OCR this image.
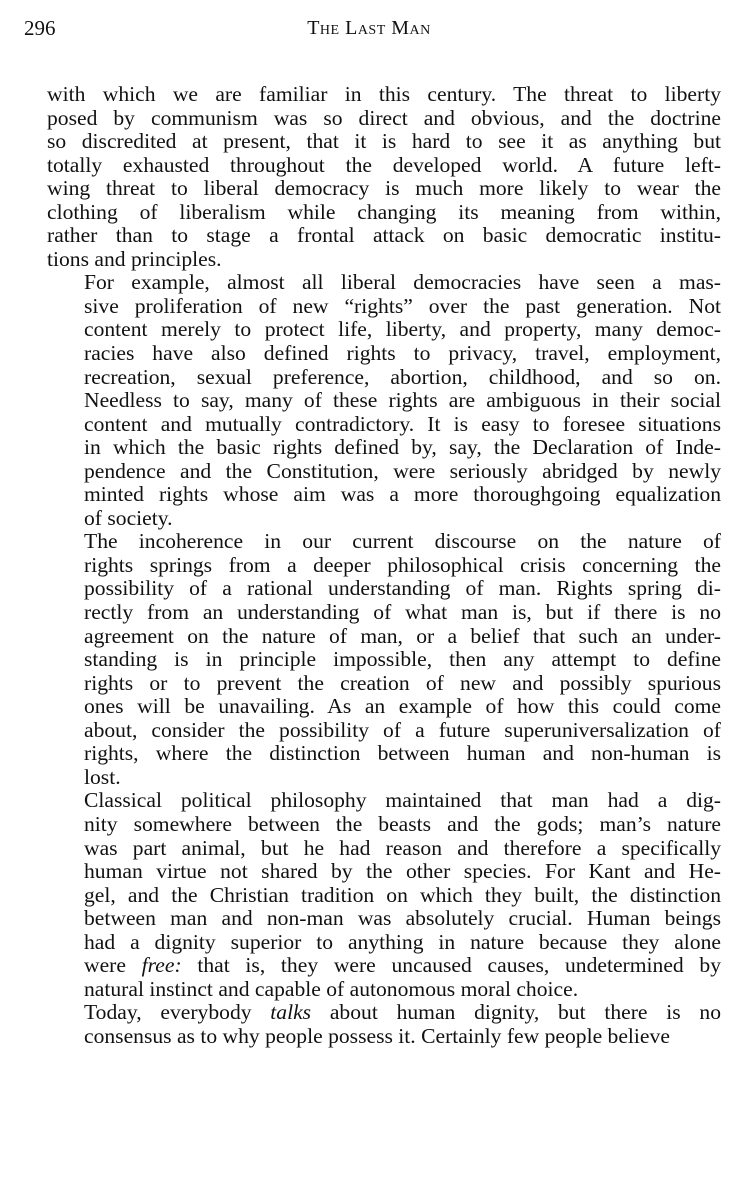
296	The Last Man

with which we are familiar in this century. The threat to liberty
posed by communism was so direct and obvious, and the doctrine
so discredited at present, that it is hard to see it as anything but
totally exhausted throughout the developed world. A future left-
wing threat to liberal democracy is much more likely to wear the
clothing of liberalism while changing its meaning from within,
rather than to stage a frontal attack on basic democratic institu-
tions and principles.

For example, almost all liberal democracies have seen a mas-
sive proliferation of new “rights” over the past generation. Not
content merely to protect life, liberty, and property, many democ-
racies have also defined rights to privacy, travel, employment,
recreation, sexual preference, abortion, childhood, and so on.
Needless to say, many of these rights are ambiguous in their social
content and mutually contradictory. It is easy to foresee situations
in which the basic rights defined by, say, the Declaration of Inde-
pendence and the Constitution, were seriously abridged by newly
minted rights whose aim was a more thoroughgoing equalization
of society.

The incoherence in our current discourse on the nature of
rights springs from a deeper philosophical crisis concerning the
possibility of a rational understanding of man. Rights spring di-
rectly from an understanding of what man is, but if there is no
agreement on the nature of man, or a belief that such an under-
standing is in principle impossible, then any attempt to define
rights or to prevent the creation of new and possibly spurious
ones will be unavailing. As an example of how this could come
about, consider the possibility of a future superuniversalization of
rights, where the distinction between human and non-human is
lost.

Classical political philosophy maintained that man had a dig-
nity somewhere between the beasts and the gods; man’s nature
was part animal, but he had reason and therefore a specifically
human virtue not shared by the other species. For Kant and He-
gel, and the Christian tradition on which they built, the distinction
between man and non-man was absolutely crucial. Human beings
had a dignity superior to anything in nature because they alone
were free: that is, they were uncaused causes, undetermined by
natural instinct and capable of autonomous moral choice.

Today, everybody talks about human dignity, but there is no
consensus as to why people possess it. Certainly few people believe
